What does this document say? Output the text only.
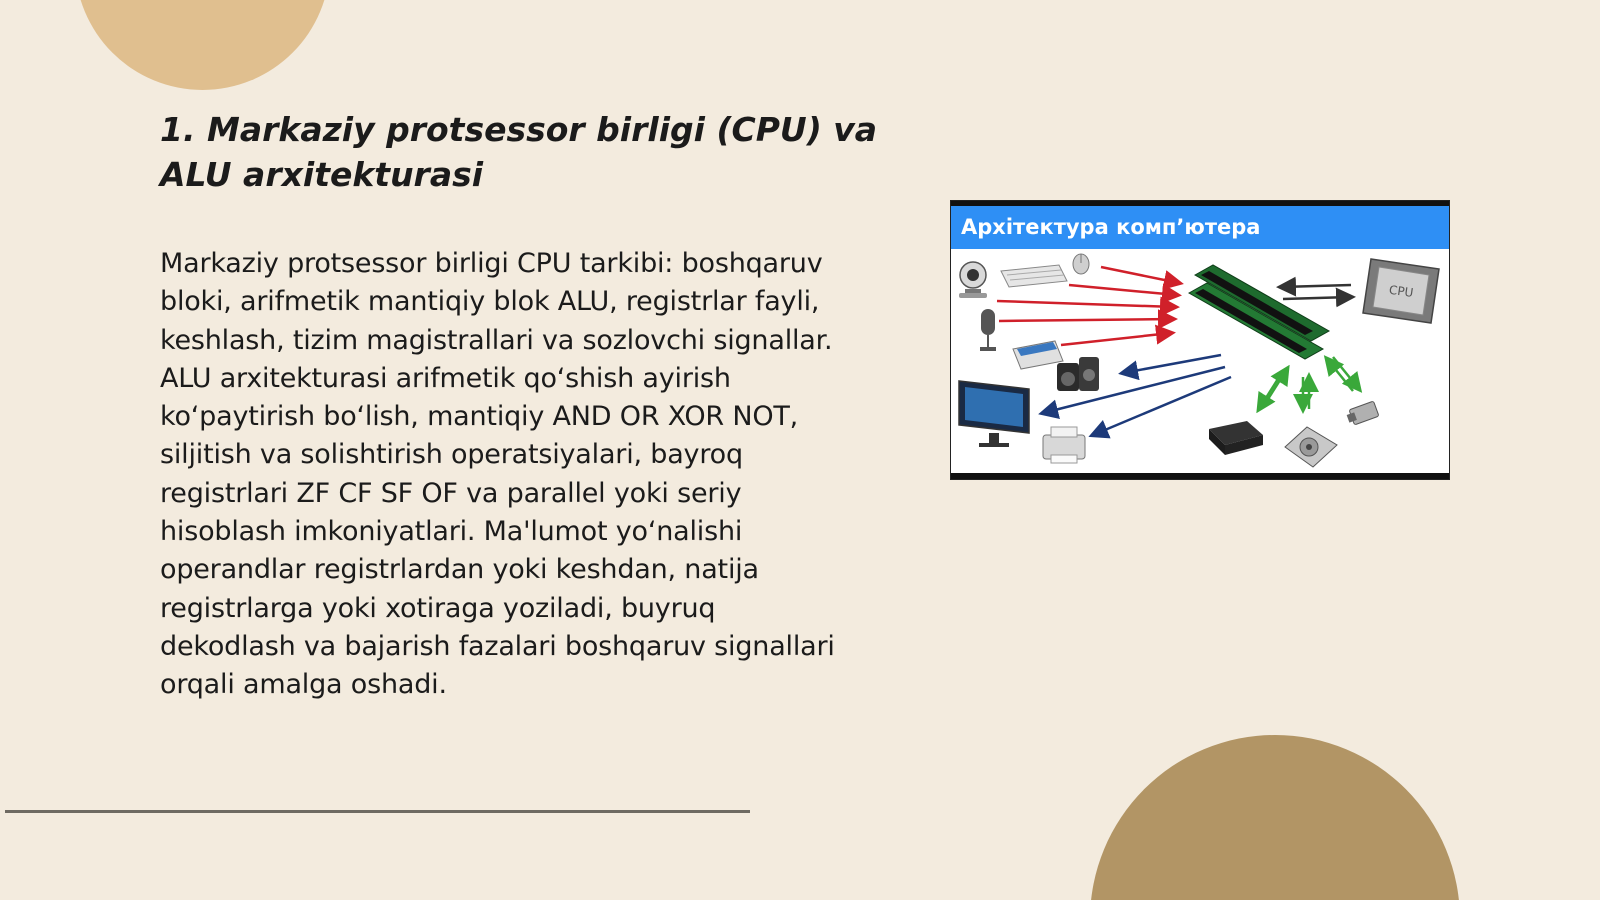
1. Markaziy protsessor birligi (CPU) va ALU arxitekturasi

Markaziy protsessor birligi CPU tarkibi: boshqaruv bloki, arifmetik mantiqiy blok ALU, registrlar fayli, keshlash, tizim magistrallari va sozlovchi signallar. ALU arxitekturasi arifmetik qo‘shish ayirish ko‘paytirish bo‘lish, mantiqiy AND OR XOR NOT, siljitish va solishtirish operatsiyalari, bayroq registrlari ZF CF SF OF va parallel yoki seriy hisoblash imkoniyatlari. Ma'lumot yo‘nalishi operandlar registrlardan yoki keshdan, natija registrlarga yoki xotiraga yoziladi, buyruq dekodlash va bajarish fazalari boshqaruv signallari orqali amalga oshadi.

Архітектура комп’ютера
CPU
